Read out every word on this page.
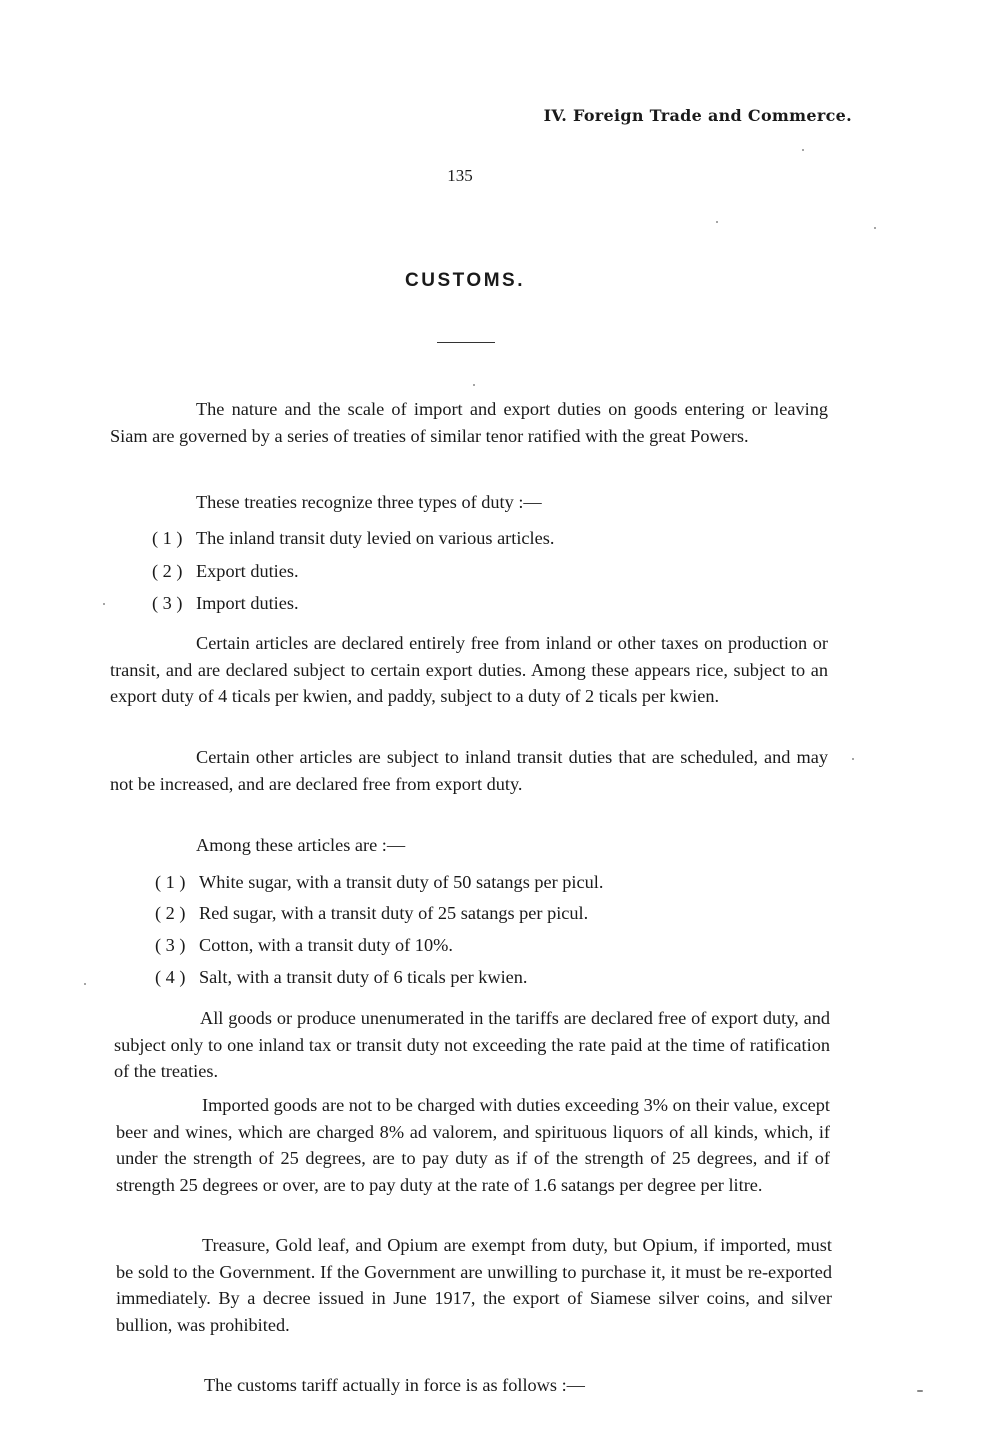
IV. Foreign Trade and Commerce.
135
CUSTOMS.

The nature and the scale of import and export duties on goods entering or leaving Siam are governed by a series of treaties of similar tenor ratified with the great Powers.

These treaties recognize three types of duty :—

( 1 ) The inland transit duty levied on various articles.

( 2 ) Export duties.

( 3 ) Import duties.

Certain articles are declared entirely free from inland or other taxes on production or transit, and are declared subject to certain export duties. Among these appears rice, subject to an export duty of 4 ticals per kwien, and paddy, subject to a duty of 2 ticals per kwien.

Certain other articles are subject to inland transit duties that are scheduled, and may not be increased, and are declared free from export duty.

Among these articles are :—

( 1 ) White sugar, with a transit duty of 50 satangs per picul.

( 2 ) Red sugar, with a transit duty of 25 satangs per picul.

( 3 ) Cotton, with a transit duty of 10%.

( 4 ) Salt, with a transit duty of 6 ticals per kwien.

All goods or produce unenumerated in the tariffs are declared free of export duty, and subject only to one inland tax or transit duty not exceeding the rate paid at the time of ratification of the treaties.

Imported goods are not to be charged with duties exceeding 3% on their value, except beer and wines, which are charged 8% ad valorem, and spirituous liquors of all kinds, which, if under the strength of 25 degrees, are to pay duty as if of the strength of 25 degrees, and if of strength 25 degrees or over, are to pay duty at the rate of 1.6 satangs per degree per litre.

Treasure, Gold leaf, and Opium are exempt from duty, but Opium, if imported, must be sold to the Government. If the Government are unwilling to purchase it, it must be re-exported immediately. By a decree issued in June 1917, the export of Siamese silver coins, and silver bullion, was prohibited.

The customs tariff actually in force is as follows :—
